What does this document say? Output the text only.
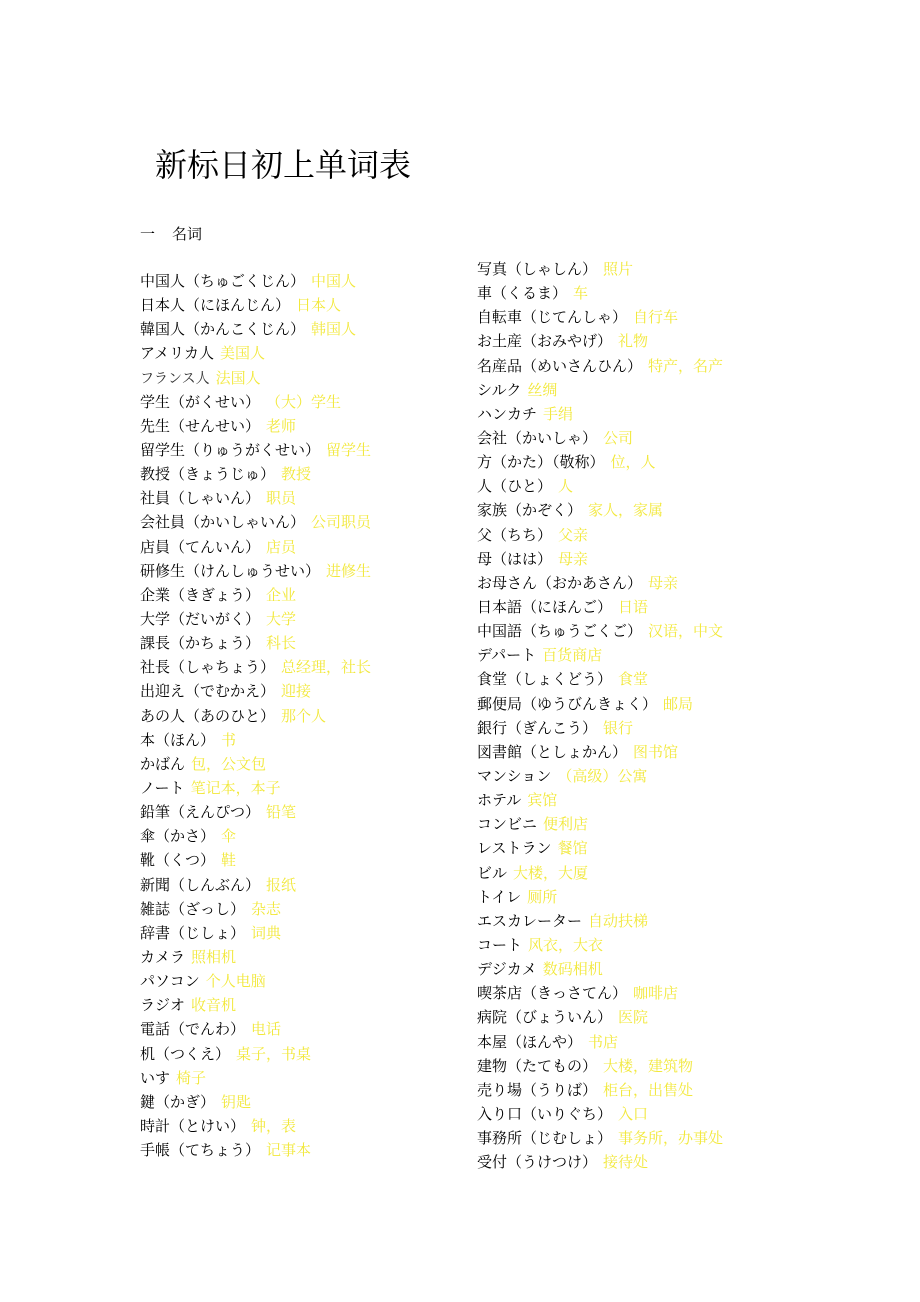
新标日初上单词表
一 名词
中国人（ちゅごくじん） 中国人
日本人（にほんじん） 日本人
韓国人（かんこくじん） 韩国人
アメリカ人 美国人
フランス人 法国人
学生（がくせい） （大）学生
先生（せんせい） 老师
留学生（りゅうがくせい） 留学生
教授（きょうじゅ） 教授
社員（しゃいん） 职员
会社員（かいしゃいん） 公司职员
店員（てんいん） 店员
研修生（けんしゅうせい） 进修生
企業（きぎょう） 企业
大学（だいがく） 大学
課長（かちょう） 科长
社長（しゃちょう） 总经理，社长
出迎え（でむかえ） 迎接
あの人（あのひと） 那个人
本（ほん） 书
かばん 包，公文包
ノート 笔记本，本子
鉛筆（えんぴつ） 铅笔
傘（かさ） 伞
靴（くつ） 鞋
新聞（しんぶん） 报纸
雑誌（ざっし） 杂志
辞書（じしょ） 词典
カメラ 照相机
パソコン 个人电脑
ラジオ 收音机
電話（でんわ） 电话
机（つくえ） 桌子，书桌
いす 椅子
鍵（かぎ） 钥匙
時計（とけい） 钟，表
手帳（てちょう） 记事本
写真（しゃしん） 照片
車（くるま） 车
自転車（じてんしゃ） 自行车
お土産（おみやげ） 礼物
名産品（めいさんひん） 特产，名产
シルク 丝绸
ハンカチ 手绢
会社（かいしゃ） 公司
方（かた）（敬称） 位，人
人（ひと） 人
家族（かぞく） 家人，家属
父（ちち） 父亲
母（はは） 母亲
お母さん（おかあさん） 母亲
日本語（にほんご） 日语
中国語（ちゅうごくご） 汉语，中文
デパート 百货商店
食堂（しょくどう） 食堂
郵便局（ゆうびんきょく） 邮局
銀行（ぎんこう） 银行
図書館（としょかん） 图书馆
マンション （高级）公寓
ホテル 宾馆
コンビニ 便利店
レストラン 餐馆
ビル 大楼，大厦
トイレ 厕所
エスカレーター 自动扶梯
コート 风衣，大衣
デジカメ 数码相机
喫茶店（きっさてん） 咖啡店
病院（びょういん） 医院
本屋（ほんや） 书店
建物（たてもの） 大楼，建筑物
売り場（うりば） 柜台，出售处
入り口（いりぐち） 入口
事務所（じむしょ） 事务所，办事处
受付（うけつけ） 接待处
